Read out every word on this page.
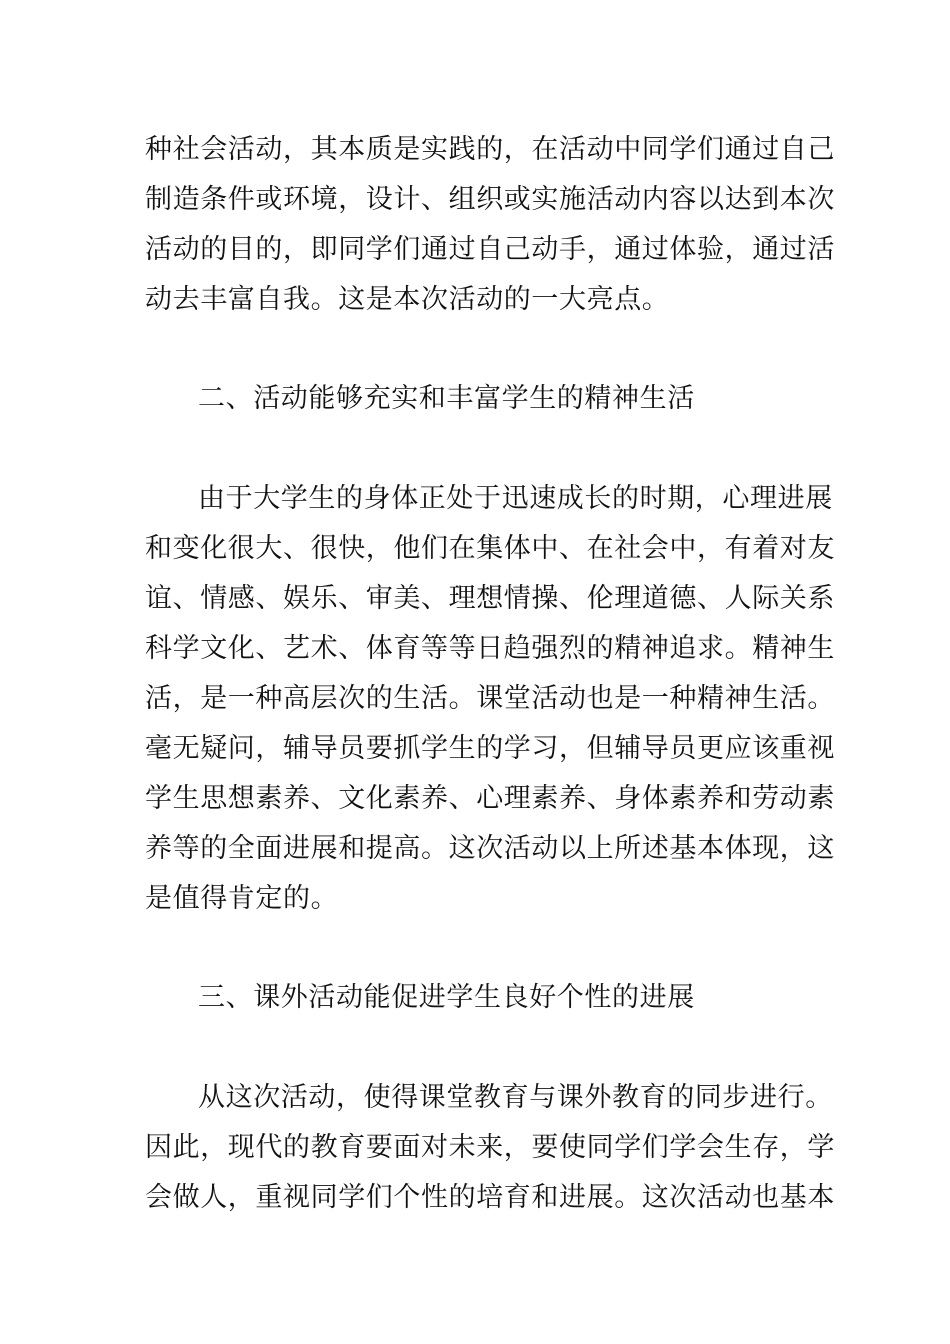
种社会活动，其本质是实践的，在活动中同学们通过自己
制造条件或环境，设计、组织或实施活动内容以达到本次
活动的目的，即同学们通过自己动手，通过体验，通过活
动去丰富自我。这是本次活动的一大亮点。
二、活动能够充实和丰富学生的精神生活
由于大学生的身体正处于迅速成长的时期，心理进展
和变化很大、很快，他们在集体中、在社会中，有着对友
谊、情感、娱乐、审美、理想情操、伦理道德、人际关系
科学文化、艺术、体育等等日趋强烈的精神追求。精神生
活，是一种高层次的生活。课堂活动也是一种精神生活。
毫无疑问，辅导员要抓学生的学习，但辅导员更应该重视
学生思想素养、文化素养、心理素养、身体素养和劳动素
养等的全面进展和提高。这次活动以上所述基本体现，这
是值得肯定的。
三、课外活动能促进学生良好个性的进展
从这次活动，使得课堂教育与课外教育的同步进行。
因此，现代的教育要面对未来，要使同学们学会生存，学
会做人，重视同学们个性的培育和进展。这次活动也基本
